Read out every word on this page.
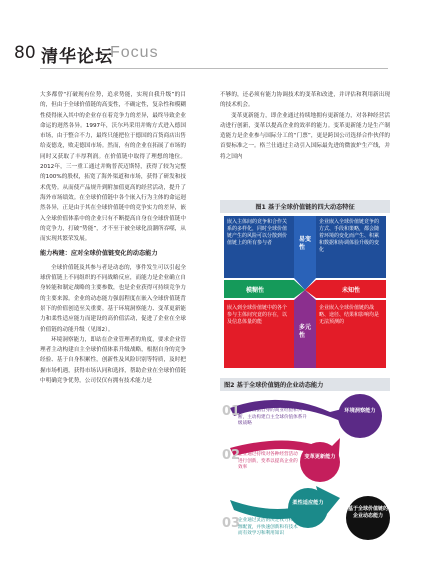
80 清华论坛
Focus

大多都曾“打破现有位势，追求势能，实现自我升级”的目的，但由于全球价值链的高变性，不确定性，复杂性和模糊性使得嵌入其中的企业存在着竞争力的差异，最终导致企业命运的迥然各异。1997年，沃尔玛采用并购方式进入德国市场，由于整合不力，最终只能把位于德国的百货商店出售给麦德龙，败走德国市场。然而，有的企业在拓展了市场的同时又获取了丰厚利润。在价值链中取得了理想的地位。2012年，三一重工通过并购普茨迈斯特，获得了较为完整的100%的股权，拓宽了海外渠道和市场，获得了研发和技术优势。从而使产品规升到附加值更高的经营活动，提升了海外市场绩效。在全球价值链中各个嵌入行为主体的命运迥然各异，正是由于其在全球价值链中的竞争实力的差异，嵌入全球价值体系中的企业只有不断提高自身在全球价值链中的竞争力，打破“势能”，才不至于被全球化浪潮所吞噬，从而实现其繁荣发展。

能力构建：应对全球价值链变化的动态能力

全球价值链及其参与者是动态的，事件发生可以引起全球价值链上不同组织的不同战略反应，而能力是企业确立自身转能和制定战略的主要参数，也是企业获得可持续竞争力的主要来源。企业的动态能力强弱程度在嵌入全球价值链背景下的价值创造至关重要。基于环境洞察能力、变革更新能力和柔性适应能力而建设的高价值活动，促进了企业在全球价值链的动能升级（见图2）。

环境洞察能力，即站在企业管理者的角度，要求企业管理者主动构建自主全球价值体系升级战略，根据自身的竞争经验、基于自身积累性，创新性及风险识别等特质，及时把握市场机遇，获得市场认同和选择，帮助企业在全球价值链中明确竞争优势，公司仅仅有拥有技术能力是

不够的，还必须有能力协调技术的变革和改进，并评估和利用新出现的技术机会。

变革更新能力，即企业通过持续地拥有更新能力，对各种经营活动进行创新，变革以提高企业的效率的能力。变革更新能力是生产制造能力是企业参与国际分工的“门票”，更是跨国公司选择合作伙伴的首要标准之一。格兰仕通过主动引入国际最先进的微波炉生产线，并将之国内

图1 基于全球价值链的四大动态特征
嵌入主体间的竞争和合作关系的多样化，同时全球价值链产生的风险可以分散到价值链上的所有参与者
企业嵌入全球价值链竞争的方式、手段和策略，都会随着环境的变化而产生、积累和数据和协调体验升级的变化
嵌入到全球价值链中的各个参与主体间究竟的存在，以及信息体量的能
企业嵌入全球价值链的战略、途径、结果和影响均是无法预测的
易变性
模糊性	未知性
多元性
图2 基于全球价值链的企业动态能力
01
管理者根据自身的商业经验和判断，主动构建自主全球价值体系升级战略
02
企业通过持续对各种经营活动进行创新，变革以提高企业的效率
03
企业通过灵活的决定权力和资源配置，并快速创新和有技术而有效学习和利用知识
环境洞察能力
变革更新能力
柔性适应能力
基于全球价值链的企业动态能力
